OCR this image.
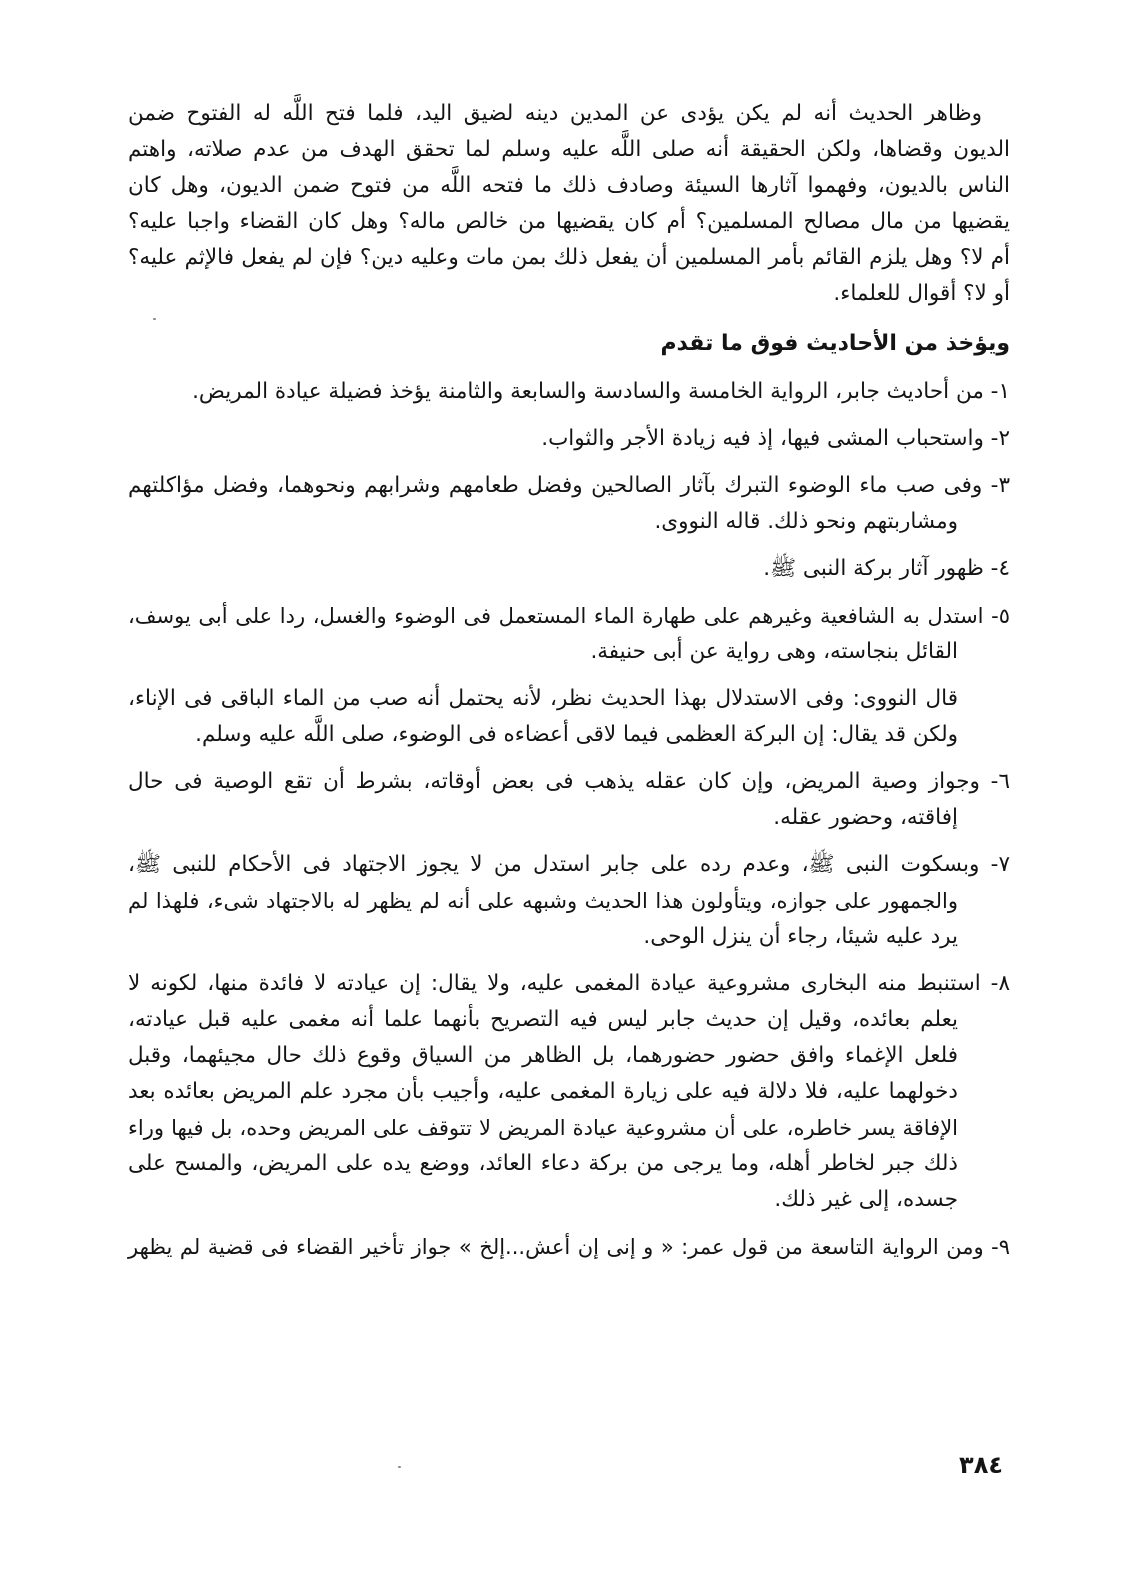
وظاهر الحديث أنه لم يكن يؤدى عن المدين دينه لضيق اليد، فلما فتح اللَّه له الفتوح ضمن
الديون وقضاها، ولكن الحقيقة أنه صلى اللَّه عليه وسلم لما تحقق الهدف من عدم صلاته، واهتم
الناس بالديون، وفهموا آثارها السيئة وصادف ذلك ما فتحه اللَّه من فتوح ضمن الديون، وهل كان
يقضيها من مال مصالح المسلمين؟ أم كان يقضيها من خالص ماله؟ وهل كان القضاء واجبا عليه؟
أم لا؟ وهل يلزم القائم بأمر المسلمين أن يفعل ذلك بمن مات وعليه دين؟ فإن لم يفعل فالإثم عليه؟
أو لا؟ أقوال للعلماء.
ويؤخذ من الأحاديث فوق ما تقدم
١- من أحاديث جابر، الرواية الخامسة والسادسة والسابعة والثامنة يؤخذ فضيلة عيادة المريض.
٢- واستحباب المشى فيها، إذ فيه زيادة الأجر والثواب.
٣- وفى صب ماء الوضوء التبرك بآثار الصالحين وفضل طعامهم وشرابهم ونحوهما، وفضل مؤاكلتهم
ومشاربتهم ونحو ذلك. قاله النووى.
٤- ظهور آثار بركة النبى ﷺ.
٥- استدل به الشافعية وغيرهم على طهارة الماء المستعمل فى الوضوء والغسل، ردا على أبى يوسف،
القائل بنجاسته، وهى رواية عن أبى حنيفة.
قال النووى: وفى الاستدلال بهذا الحديث نظر، لأنه يحتمل أنه صب من الماء الباقى فى الإناء،
ولكن قد يقال: إن البركة العظمى فيما لاقى أعضاءه فى الوضوء، صلى اللَّه عليه وسلم.
٦- وجواز وصية المريض، وإن كان عقله يذهب فى بعض أوقاته، بشرط أن تقع الوصية فى حال
إفاقته، وحضور عقله.
٧- وبسكوت النبى ﷺ، وعدم رده على جابر استدل من لا يجوز الاجتهاد فى الأحكام للنبى ﷺ،
والجمهور على جوازه، ويتأولون هذا الحديث وشبهه على أنه لم يظهر له بالاجتهاد شىء، فلهذا لم
يرد عليه شيئا، رجاء أن ينزل الوحى.
٨- استنبط منه البخارى مشروعية عيادة المغمى عليه، ولا يقال: إن عيادته لا فائدة منها، لكونه لا
يعلم بعائده، وقيل إن حديث جابر ليس فيه التصريح بأنهما علما أنه مغمى عليه قبل عيادته،
فلعل الإغماء وافق حضور حضورهما، بل الظاهر من السياق وقوع ذلك حال مجيئهما، وقبل
دخولهما عليه، فلا دلالة فيه على زيارة المغمى عليه، وأجيب بأن مجرد علم المريض بعائده بعد
الإفاقة يسر خاطره، على أن مشروعية عيادة المريض لا تتوقف على المريض وحده، بل فيها وراء
ذلك جبر لخاطر أهله، وما يرجى من بركة دعاء العائد، ووضع يده على المريض، والمسح على
جسده، إلى غير ذلك.
٩- ومن الرواية التاسعة من قول عمر: « و إنى إن أعش...إلخ » جواز تأخير القضاء فى قضية لم يظهر
٣٨٤
